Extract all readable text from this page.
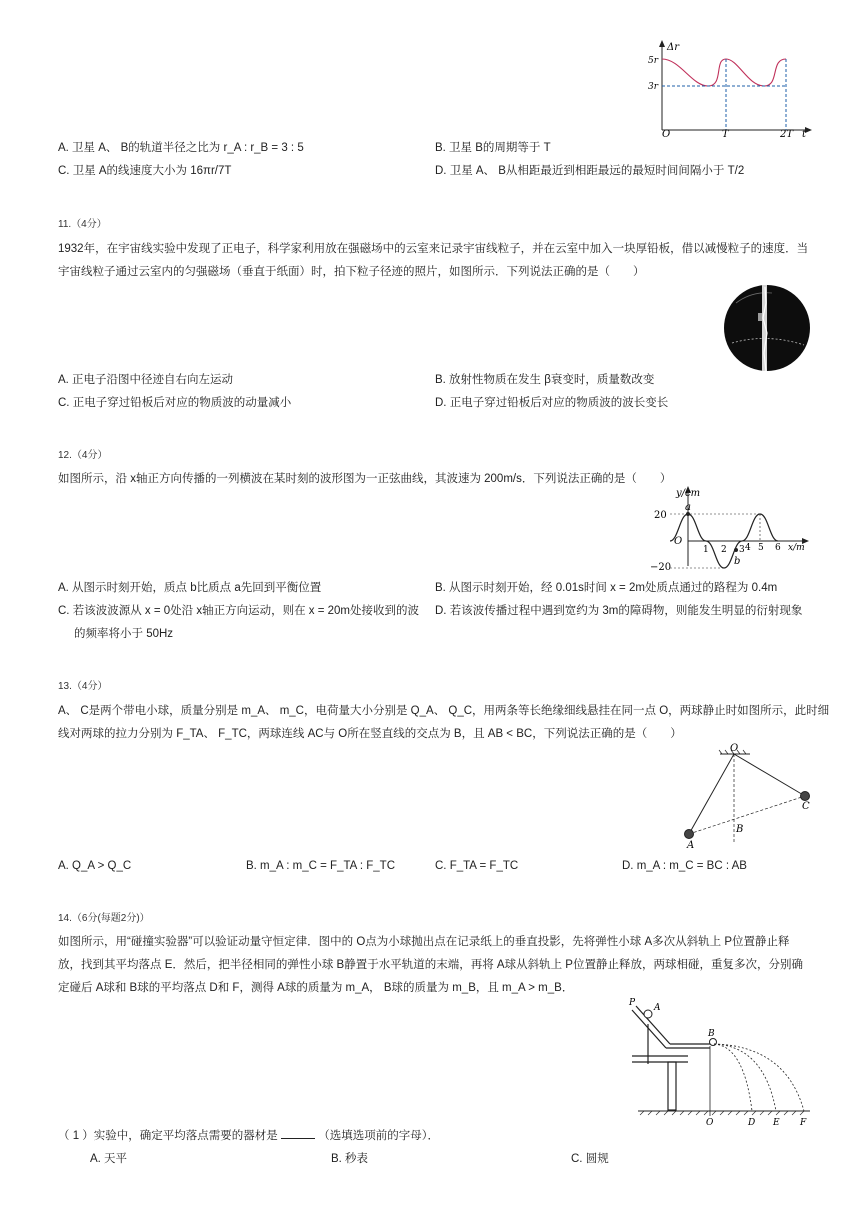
Δr
5r
3r
O	T	2T t
A. 卫星 A、 B的轨道半径之比为 r_A : r_B = 3 : 5	B. 卫星 B的周期等于 T
C. 卫星 A的线速度大小为 16πr/7T	D. 卫星 A、 B从相距最近到相距最远的最短时间间隔小于 T/2
11.（4分）
1932年，在宇宙线实验中发现了正电子，科学家利用放在强磁场中的云室来记录宇宙线粒子，并在云室中加入一块厚铅板，借以减慢粒子的速度．当
宇宙线粒子通过云室内的匀强磁场（垂直于纸面）时，拍下粒子径迹的照片，如图所示．下列说法正确的是（　　）
A. 正电子沿图中径迹自右向左运动	B. 放射性物质在发生 β衰变时，质量数改变
C. 正电子穿过铅板后对应的物质波的动量减小	D. 正电子穿过铅板后对应的物质波的波长变长
12.（4分）
如图所示，沿 x轴正方向传播的一列横波在某时刻的波形图为一正弦曲线，其波速为 200m/s．下列说法正确的是（　　）
y/cm
20
O
−20
1 2 3 4 5 6 x/m
a
b
A. 从图示时刻开始，质点 b比质点 a先回到平衡位置	B. 从图示时刻开始，经 0.01s时间 x = 2m处质点通过的路程为 0.4m
C. 若该波波源从 x = 0处沿 x轴正方向运动，则在 x = 20m处接收到的波
的频率将小于 50Hz
D. 若该波传播过程中遇到宽约为 3m的障碍物，则能发生明显的衍射现象
13.（4分）
A、 C是两个带电小球，质量分别是 m_A、 m_C，电荷量大小分别是 Q_A、 Q_C，用两条等长绝缘细线悬挂在同一点 O，两球静止时如图所示，此时细
线对两球的拉力分别为 F_TA、 F_TC，两球连线 AC与 O所在竖直线的交点为 B，且 AB < BC，下列说法正确的是（　　）
O
A
B
C
A. Q_A > Q_C	B. m_A : m_C = F_TA : F_TC	C. F_TA = F_TC	D. m_A : m_C = BC : AB
14.（6分(每题2分)）
如图所示，用“碰撞实验器”可以验证动量守恒定律．图中的 O点为小球抛出点在记录纸上的垂直投影，先将弹性小球 A多次从斜轨上 P位置静止释
放，找到其平均落点 E．然后，把半径相同的弹性小球 B静置于水平轨道的末端，再将 A球从斜轨上 P位置静止释放，两球相碰，重复多次，分别确
定碰后 A球和 B球的平均落点 D和 F，测得 A球的质量为 m_A， B球的质量为 m_B，且 m_A > m_B．
P A
B
O	D E F
（ 1 ）实验中，确定平均落点需要的器材是	（选填选项前的字母）．
A. 天平	B. 秒表	C. 圆规
